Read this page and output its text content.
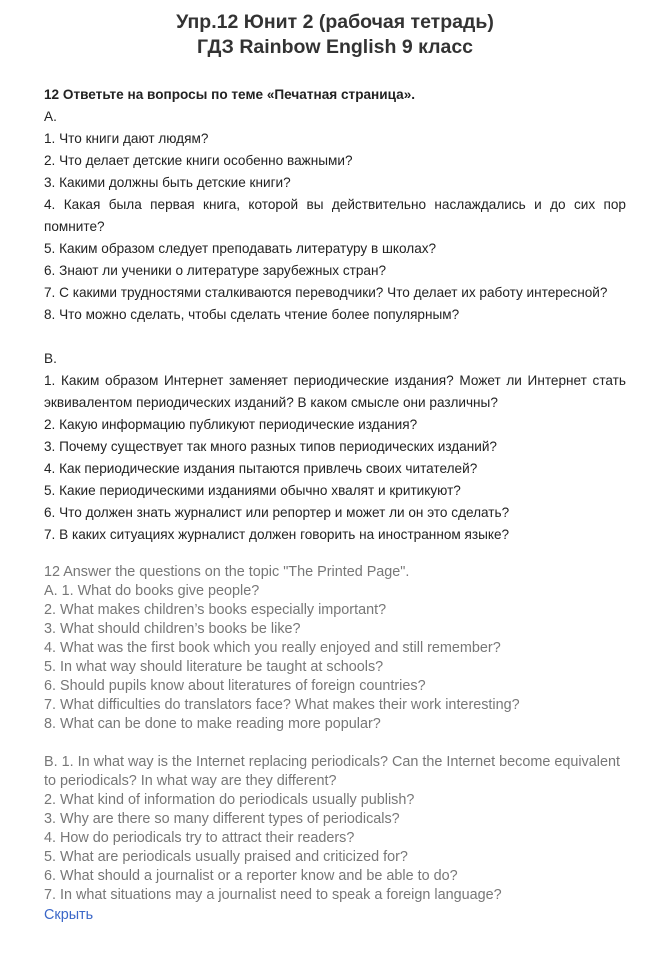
Упр.12 Юнит 2 (рабочая тетрадь)
ГДЗ Rainbow English 9 класс
12 Ответьте на вопросы по теме «Печатная страница».
A.
1. Что книги дают людям?
2. Что делает детские книги особенно важными?
3. Какими должны быть детские книги?
4. Какая была первая книга, которой вы действительно наслаждались и до сих пор помните?
5. Каким образом следует преподавать литературу в школах?
6. Знают ли ученики о литературе зарубежных стран?
7. С какими трудностями сталкиваются переводчики? Что делает их работу интересной?
8. Что можно сделать, чтобы сделать чтение более популярным?
B.
1. Каким образом Интернет заменяет периодические издания? Может ли Интернет стать эквивалентом периодических изданий? В каком смысле они различны?
2. Какую информацию публикуют периодические издания?
3. Почему существует так много разных типов периодических изданий?
4. Как периодические издания пытаются привлечь своих читателей?
5. Какие периодическими изданиями обычно хвалят и критикуют?
6. Что должен знать журналист или репортер и может ли он это сделать?
7. В каких ситуациях журналист должен говорить на иностранном языке?
12 Answer the questions on the topic "The Printed Page".
A. 1. What do books give people?
2. What makes children’s books especially important?
3. What should children’s books be like?
4. What was the first book which you really enjoyed and still remember?
5. In what way should literature be taught at schools?
6. Should pupils know about literatures of foreign countries?
7. What difficulties do translators face? What makes their work interesting?
8. What can be done to make reading more popular?
B. 1. In what way is the Internet replacing periodicals? Can the Internet become equivalent to periodicals? In what way are they different?
2. What kind of information do periodicals usually publish?
3. Why are there so many different types of periodicals?
4. How do periodicals try to attract their readers?
5. What are periodicals usually praised and criticized for?
6. What should a journalist or a reporter know and be able to do?
7. In what situations may a journalist need to speak a foreign language?
Скрыть
